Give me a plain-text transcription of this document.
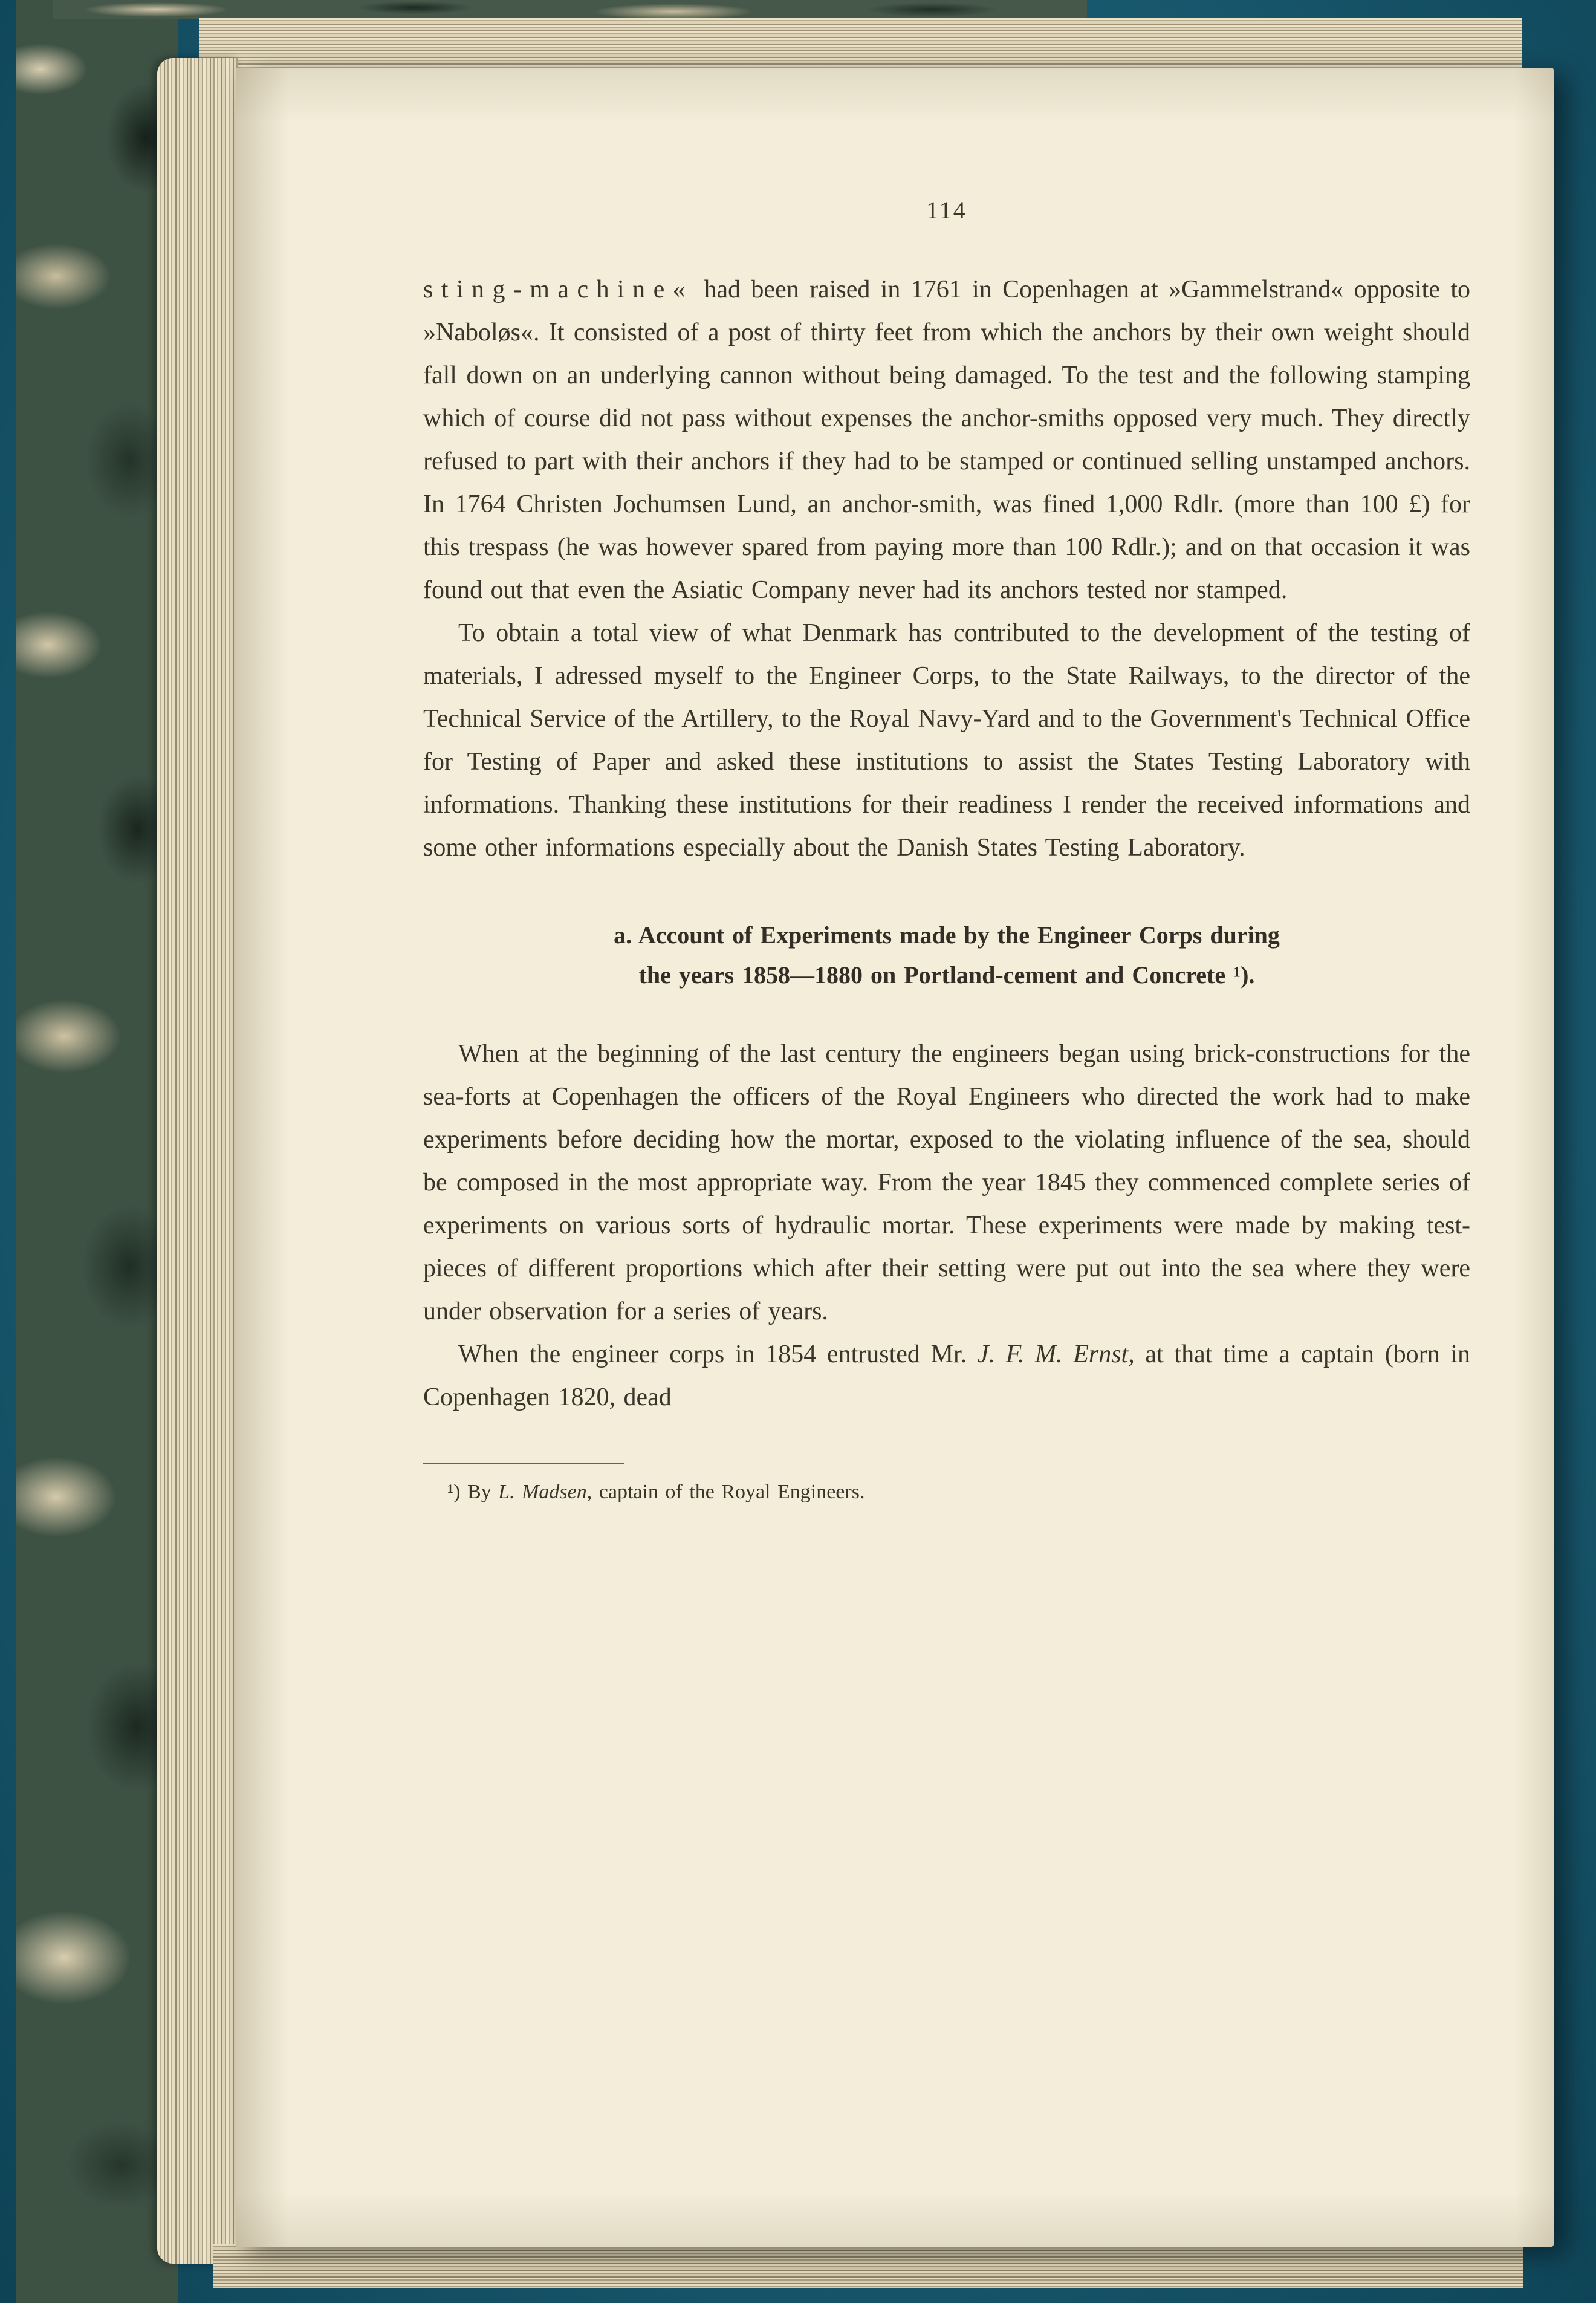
114

sting-machine« had been raised in 1761 in Copenhagen at »Gammelstrand« opposite to »Naboløs«. It consisted of a post of thirty feet from which the anchors by their own weight should fall down on an underlying cannon without being damaged. To the test and the following stamping which of course did not pass without expenses the anchor-smiths opposed very much. They directly refused to part with their anchors if they had to be stamped or continued selling unstamped anchors. In 1764 Christen Jochumsen Lund, an anchor-smith, was fined 1,000 Rdlr. (more than 100 £) for this trespass (he was however spared from paying more than 100 Rdlr.); and on that occasion it was found out that even the Asiatic Company never had its anchors tested nor stamped.

To obtain a total view of what Denmark has contributed to the development of the testing of materials, I adressed myself to the Engineer Corps, to the State Railways, to the director of the Technical Service of the Artillery, to the Royal Navy-Yard and to the Government's Technical Office for Testing of Paper and asked these institutions to assist the States Testing Laboratory with informations. Thanking these institutions for their readiness I render the received informations and some other informations especially about the Danish States Testing Laboratory.

a. Account of Experiments made by the Engineer Corps during
the years 1858—1880 on Portland-cement and Concrete ¹).

When at the beginning of the last century the engineers began using brick-constructions for the sea-forts at Copenhagen the officers of the Royal Engineers who directed the work had to make experiments before deciding how the mortar, exposed to the violating influence of the sea, should be composed in the most appropriate way. From the year 1845 they commenced complete series of experiments on various sorts of hydraulic mortar. These experiments were made by making test-pieces of different proportions which after their setting were put out into the sea where they were under observation for a series of years.

When the engineer corps in 1854 entrusted Mr. J. F. M. Ernst, at that time a captain (born in Copenhagen 1820, dead

¹) By L. Madsen, captain of the Royal Engineers.
